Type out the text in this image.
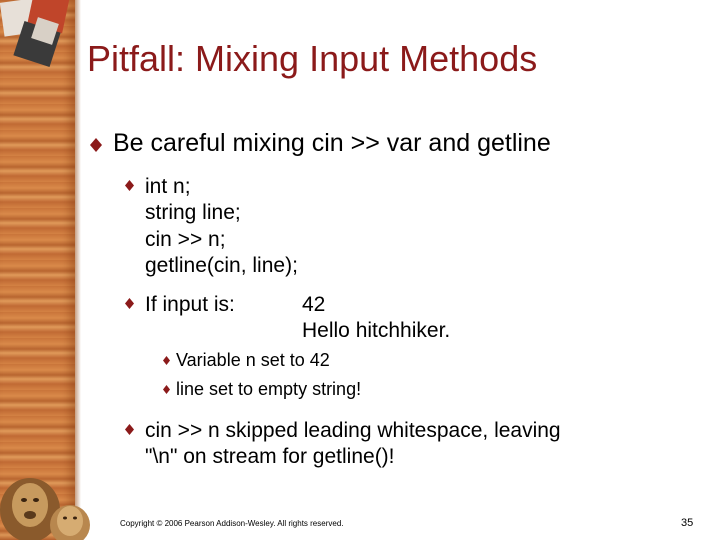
Pitfall: Mixing Input Methods
Be careful mixing cin >> var and getline
int n;
string line;
cin >> n;
getline(cin, line);
If input is:	42
Hello hitchhiker.
Variable n set to 42
line set to empty string!
cin >> n skipped leading whitespace, leaving
"\n" on stream for getline()!
Copyright © 2006 Pearson Addison-Wesley. All rights reserved.	35
